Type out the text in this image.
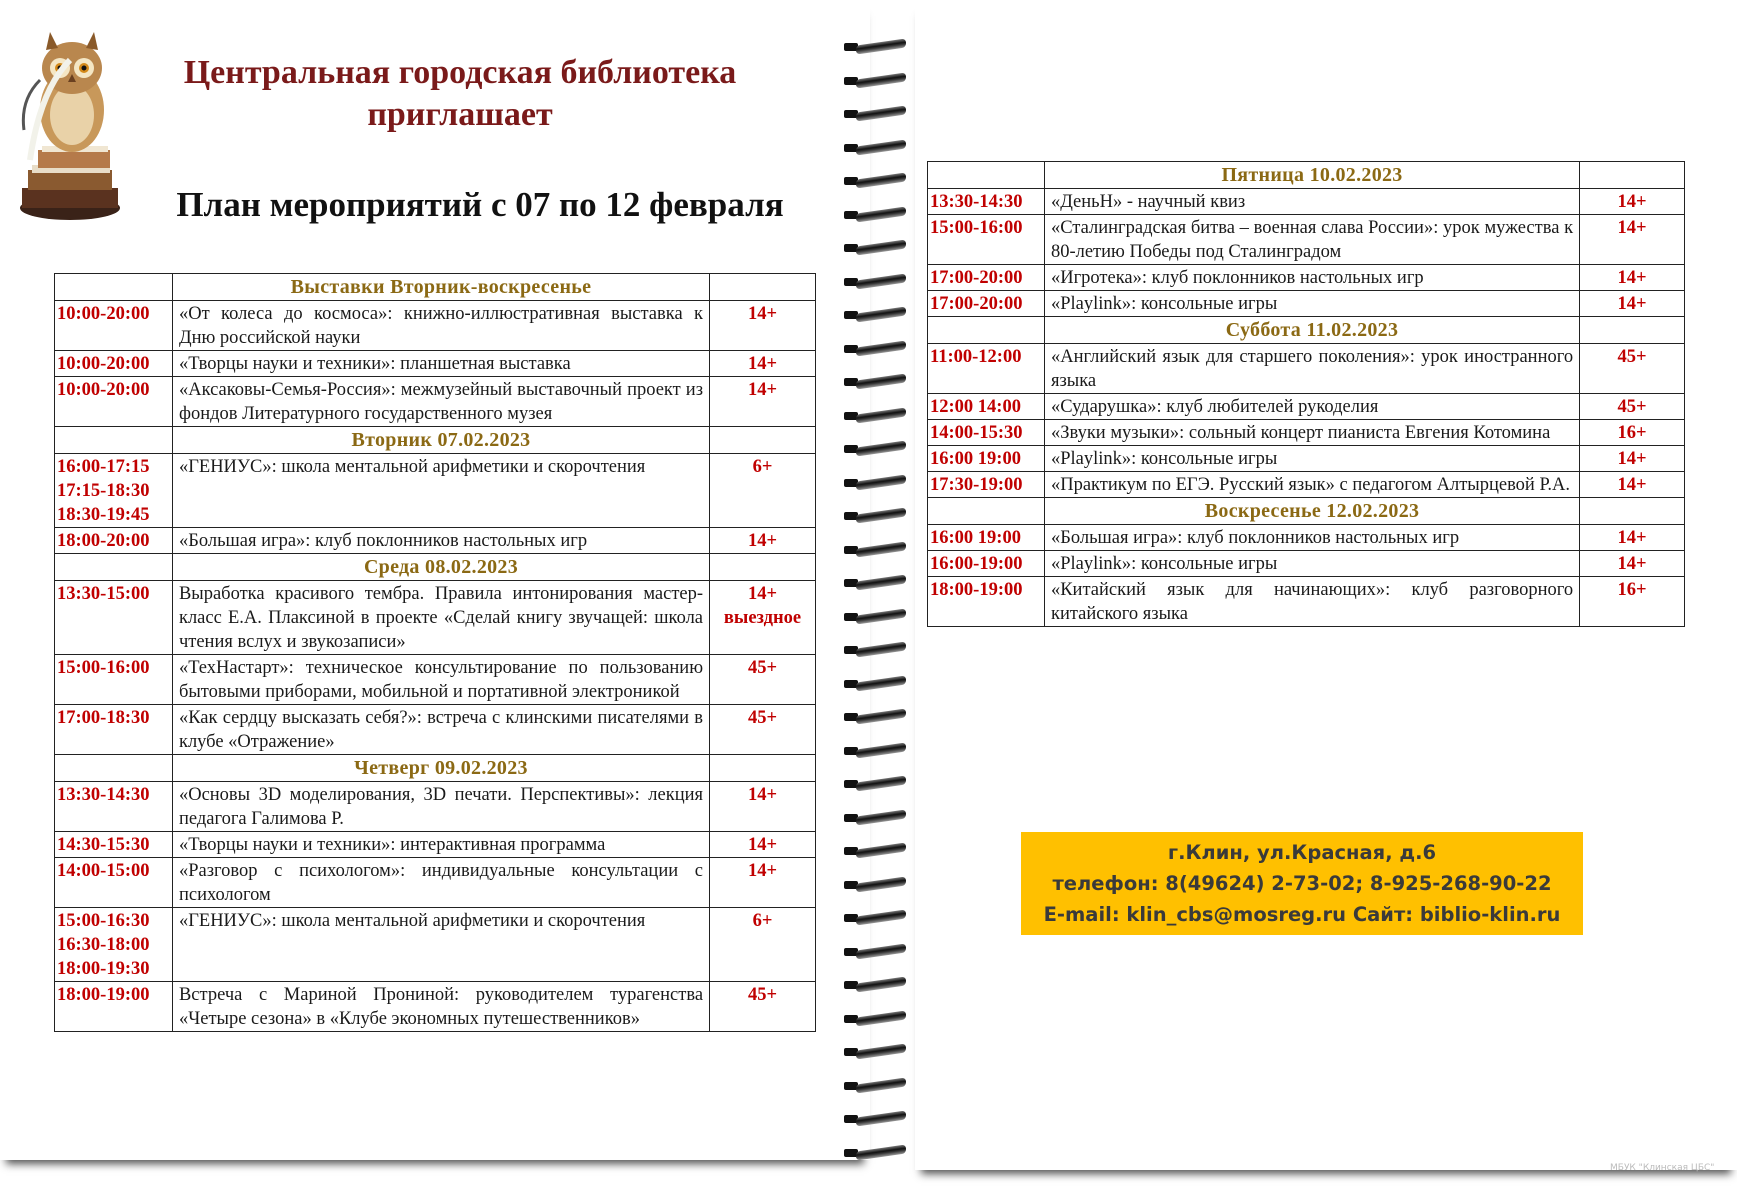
Центральная городская библиотека
приглашает
План мероприятий с 07 по 12 февраля
	Выставки Вторник-воскресенье	

10:00-20:00	«От колеса до космоса»: книжно-иллюстративная выставка к Дню российской науки	14+

10:00-20:00	«Творцы науки и техники»: планшетная выставка	14+

10:00-20:00	«Аксаковы-Семья-Россия»: межмузейный выставочный проект из фондов Литературного государственного музея	14+
	Вторник 07.02.2023	

16:00-17:15
17:15-18:30
18:30-19:45	«ГЕНИУС»: школа ментальной арифметики и скорочтения	6+

18:00-20:00	«Большая игра»: клуб поклонников настольных игр	14+
	Среда 08.02.2023	

13:30-15:00	Выработка красивого тембра. Правила интонирования мастер-класс Е.А. Плаксиной в проекте «Сделай книгу звучащей: школа чтения вслух и звукозаписи»	14+
выездное

15:00-16:00	«ТехНастарт»: техническое консультирование по пользованию бытовыми приборами, мобильной и портативной электроникой	45+

17:00-18:30	«Как сердцу высказать себя?»: встреча с клинскими писателями в клубе «Отражение»	45+
	Четверг 09.02.2023	

13:30-14:30	«Основы 3D моделирования, 3D печати. Перспективы»: лекция педагога Галимова Р.	14+

14:30-15:30	«Творцы науки и техники»: интерактивная программа	14+

14:00-15:00	«Разговор с психологом»: индивидуальные консультации с психологом	14+

15:00-16:30
16:30-18:00
18:00-19:30	«ГЕНИУС»: школа ментальной арифметики и скорочтения	6+

18:00-19:00	Встреча с Мариной Прониной: руководителем турагенства «Четыре сезона» в «Клубе экономных путешественников»	45+
	Пятница 10.02.2023	

13:30-14:30	«ДеньН» - научный квиз	14+

15:00-16:00	«Сталинградская битва – военная слава России»: урок мужества к 80-летию Победы под Сталинградом	14+

17:00-20:00	«Игротека»: клуб поклонников настольных игр	14+

17:00-20:00	«Playlink»: консольные игры	14+
	Суббота 11.02.2023	

11:00-12:00	«Английский язык для старшего поколения»: урок иностранного языка	45+

12:00 14:00	«Сударушка»: клуб любителей рукоделия	45+

14:00-15:30	«Звуки музыки»: сольный концерт пианиста Евгения Котомина	16+

16:00 19:00	«Playlink»: консольные игры	14+

17:30-19:00	«Практикум по ЕГЭ. Русский язык» с педагогом Алтырцевой Р.А.	14+
	Воскресенье 12.02.2023	

16:00 19:00	«Большая игра»: клуб поклонников настольных игр	14+

16:00-19:00	«Playlink»: консольные игры	14+

18:00-19:00	«Китайский язык для начинающих»: клуб разговорного китайского языка	16+
г.Клин, ул.Красная, д.6
телефон: 8(49624) 2-73-02; 8-925-268-90-22
E-mail: klin_cbs@mosreg.ru Сайт: biblio-klin.ru
МБУК "Клинская ЦБС"
